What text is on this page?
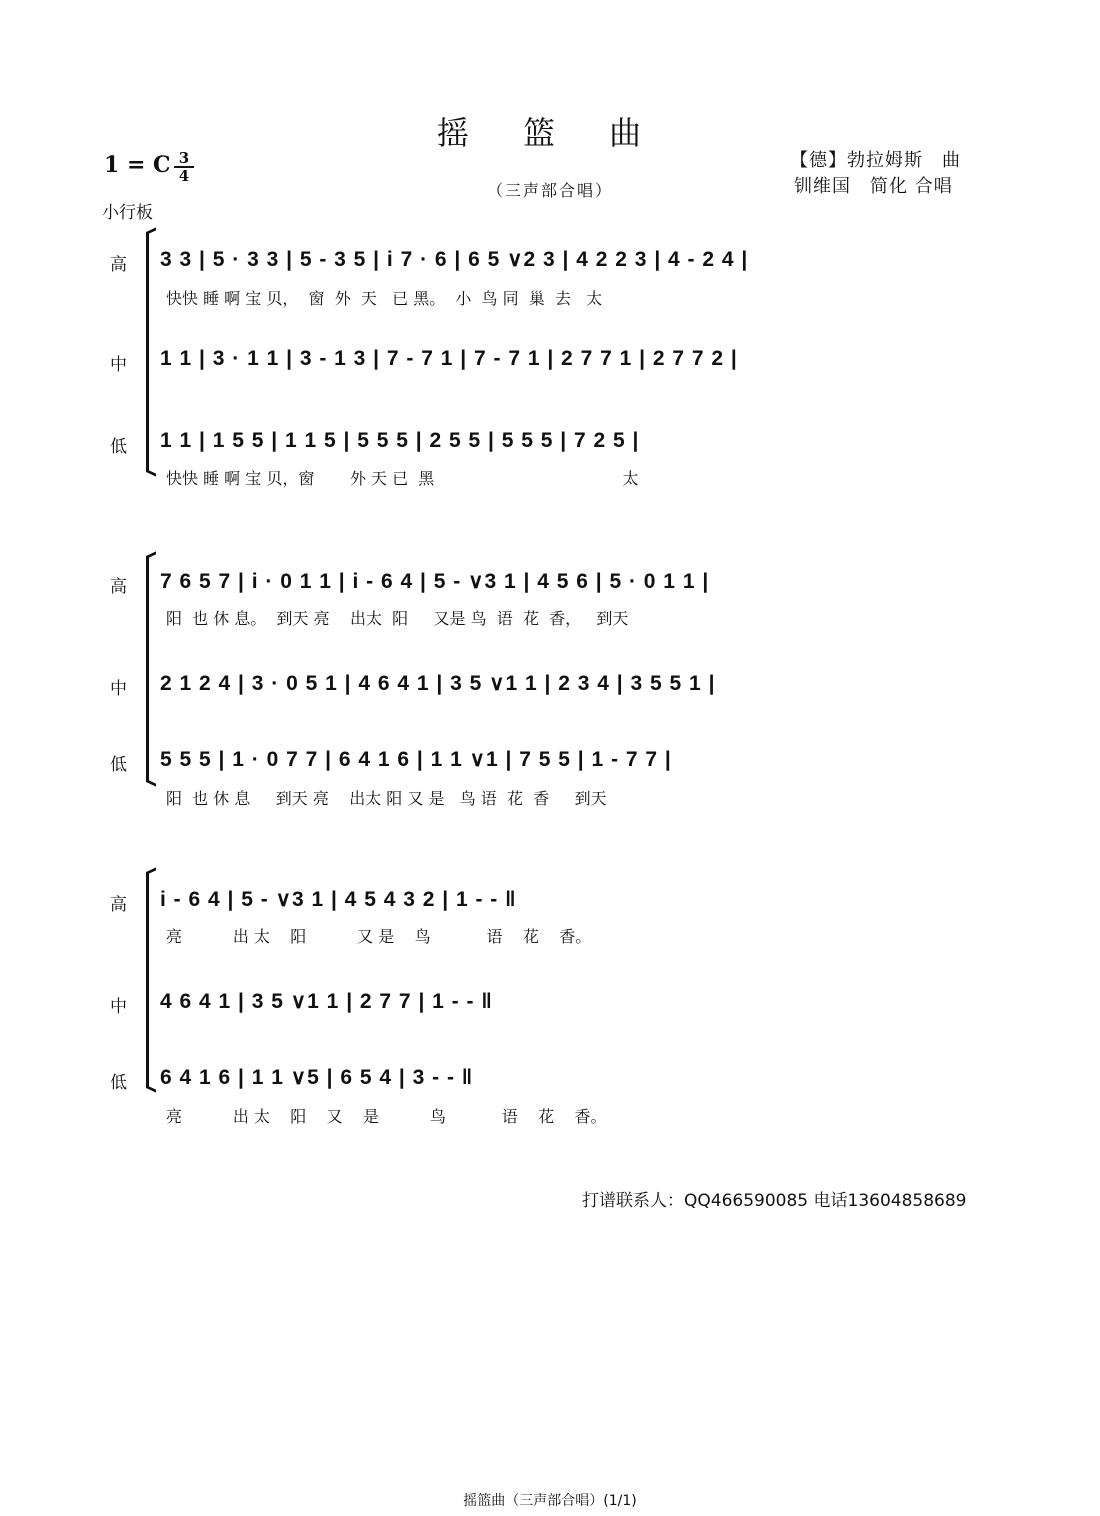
摇 篮 曲
（三声部合唱）
1 = C 3
4
小行板
【德】勃拉姆斯　曲
钏维国　简化 合唱
高
中
低
3 3 | 5 · 3 3 | 5 - 3 5 | i 7 · 6 | 6 5 ∨2 3 | 4 2 2 3 | 4 - 2 4 |
快快 睡 啊 宝 贝，  窗  外  天   已 黑。  小  鸟 同  巢  去   太
1 1 | 3 · 1 1 | 3 - 1 3 | 7 - 7 1 | 7 - 7 1 | 2 7 7 1 | 2 7 7 2 |
1 1 | 1 5 5 | 1 1 5 | 5 5 5 | 2 5 5 | 5 5 5 | 7 2 5 |
快快 睡 啊 宝 贝，窗       外 天 已  黑                                     太
高
中
低
7 6 5 7 | i · 0 1 1 | i - 6 4 | 5 - ∨3 1 | 4 5 6 | 5 · 0 1 1 |
阳  也 休 息。  到天 亮    出太  阳     又是 鸟  语  花  香，   到天
2 1 2 4 | 3 · 0 5 1 | 4 6 4 1 | 3 5 ∨1 1 | 2 3 4 | 3 5 5 1 |
5 5 5 | 1 · 0 7 7 | 6 4 1 6 | 1 1 ∨1 | 7 5 5 | 1 - 7 7 |
阳  也 休 息     到天 亮    出太 阳 又 是   鸟 语  花  香     到天
高
中
低
i - 6 4 | 5 - ∨3 1 | 4 5 4 3 2 | 1 - - ‖
亮          出 太    阳          又 是    鸟           语    花    香。
4 6 4 1 | 3 5 ∨1 1 | 2 7 7 | 1 - - ‖
6 4 1 6 | 1 1 ∨5 | 6 5 4 | 3 - - ‖
亮          出 太    阳    又    是          鸟           语    花    香。
打谱联系人：QQ466590085 电话13604858689
摇篮曲（三声部合唱）(1/1)
